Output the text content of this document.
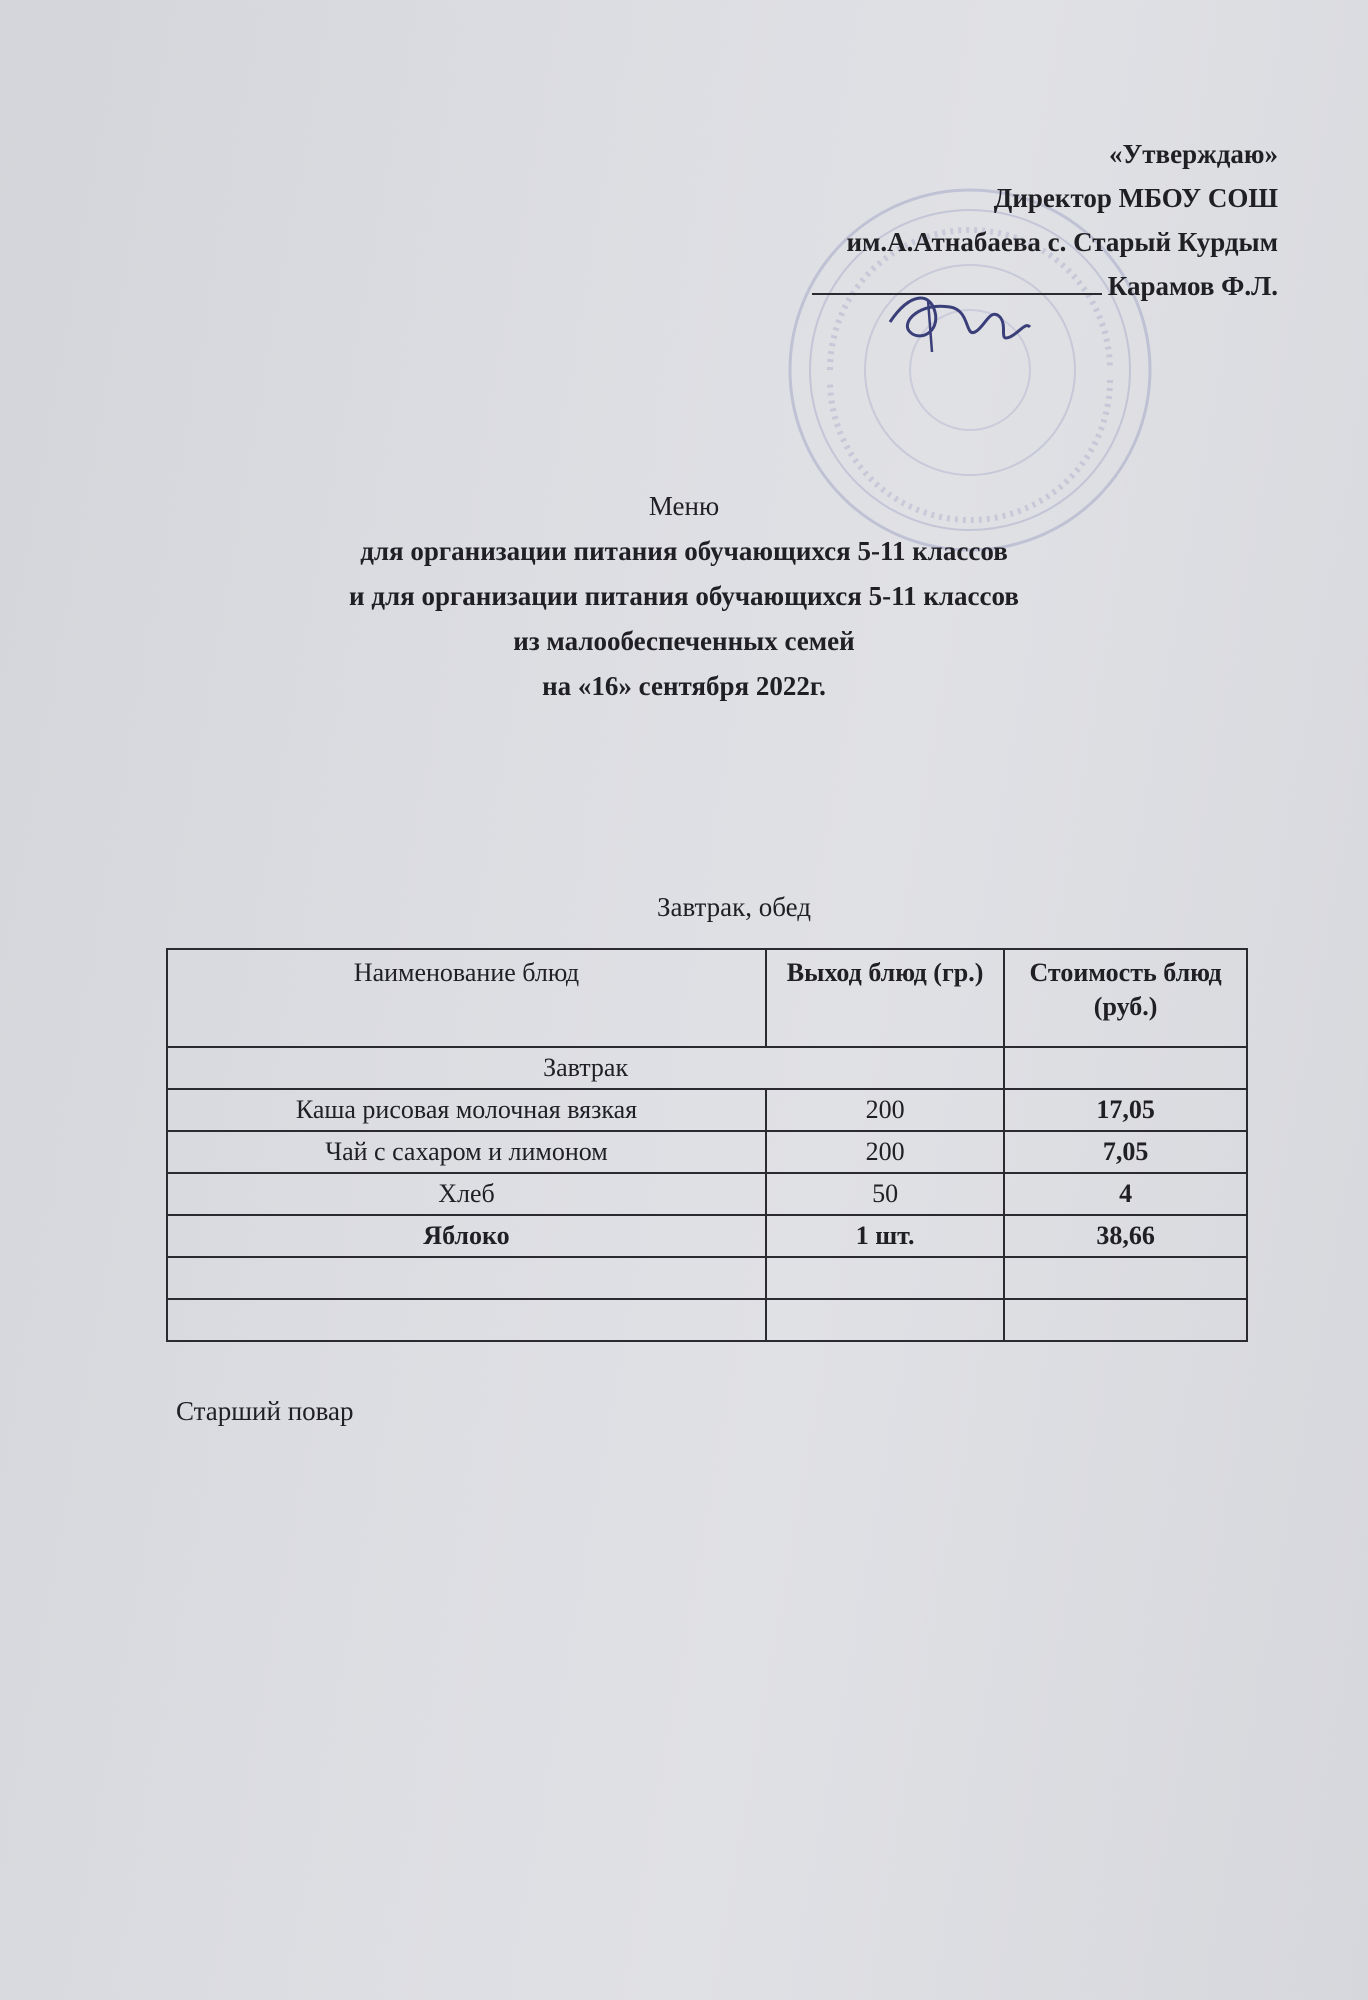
«Утверждаю»
Директор МБОУ СОШ
им.А.Атнабаева с. Старый Курдым
Карамов Ф.Л.
Меню
для организации питания обучающихся 5-11 классов
и для организации питания обучающихся 5-11 классов
из малообеспеченных семей
на «16» сентября 2022г.
Завтрак, обед
Наименование блюд	Выход блюд (гр.)	Стоимость блюд (руб.)
Завтрак		
Каша рисовая молочная вязкая	200	17,05
Чай с сахаром и лимоном	200	7,05
Хлеб	50	4
Яблоко	1 шт.	38,66

Старший повар
